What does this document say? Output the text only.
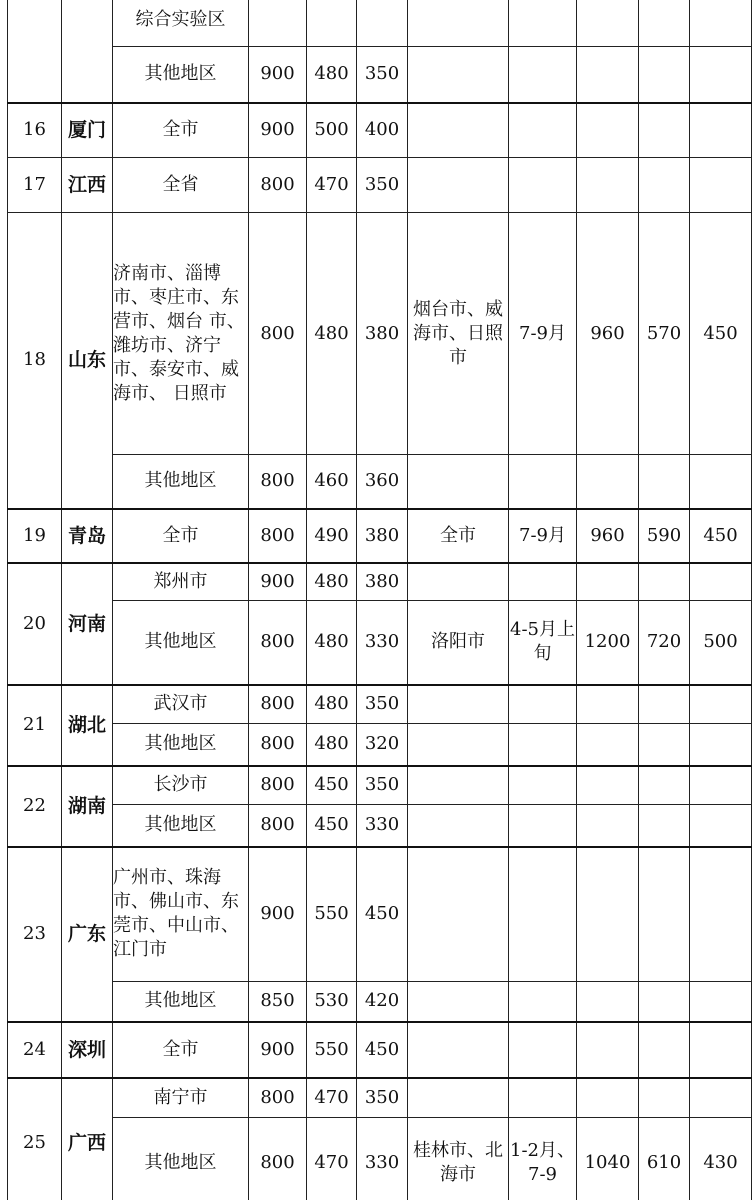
		综合实验区								
		其他地区	900	480	350					
16	厦门	全市	900	500	400					
17	江西	全省	800	470	350					
18	山东	济南市、淄博市、枣庄市、东营市、烟台 市、潍坊市、济宁市、泰安市、威海市、 日照市	800	480	380	烟台市、威海市、日照市	7-9月	960	570	450
		其他地区	800	460	360					
19	青岛	全市	800	490	380	全市	7-9月	960	590	450
20	河南	郑州市	900	480	380					
		其他地区	800	480	330	洛阳市	4-5月上旬	1200	720	500
21	湖北	武汉市	800	480	350					
		其他地区	800	480	320					
22	湖南	长沙市	800	450	350					
		其他地区	800	450	330					
23	广东	广州市、珠海市、佛山市、东莞市、中山市、江门市	900	550	450					
		其他地区	850	530	420					
24	深圳	全市	900	550	450					
25	广西	南宁市	800	470	350					
		其他地区	800	470	330	桂林市、北海市	1-2月、7-9	1040	610	430
